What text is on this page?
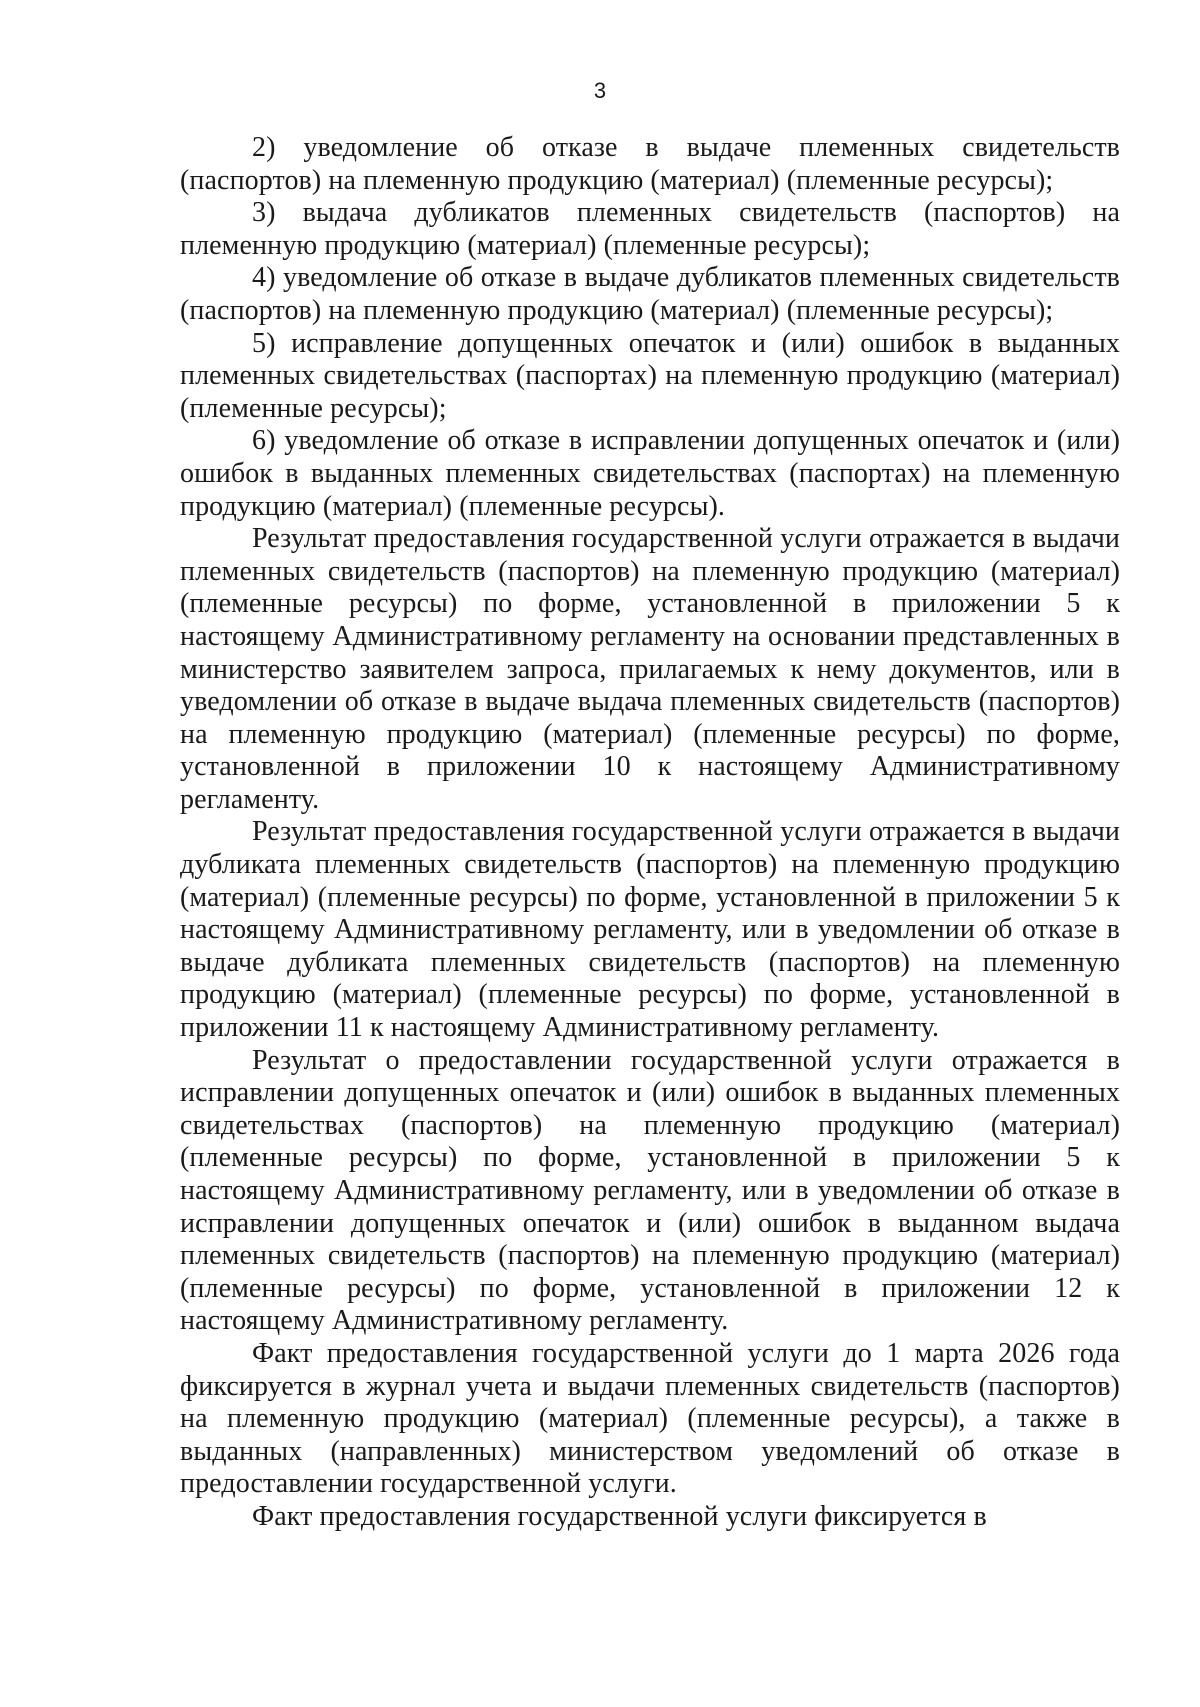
3

2) уведомление об отказе в выдаче племенных свидетельств (паспортов) на племенную продукцию (материал) (племенные ресурсы);

3) выдача дубликатов племенных свидетельств (паспортов) на племенную продукцию (материал) (племенные ресурсы);

4) уведомление об отказе в выдаче дубликатов племенных свидетельств (паспортов) на племенную продукцию (материал) (племенные ресурсы);

5) исправление допущенных опечаток и (или) ошибок в выданных племенных свидетельствах (паспортах) на племенную продукцию (материал) (племенные ресурсы);

6) уведомление об отказе в исправлении допущенных опечаток и (или) ошибок в выданных племенных свидетельствах (паспортах) на племенную продукцию (материал) (племенные ресурсы).

Результат предоставления государственной услуги отражается в выдачи племенных свидетельств (паспортов) на племенную продукцию (материал) (племенные ресурсы) по форме, установленной в приложении 5 к настоящему Административному регламенту на основании представленных в министерство заявителем запроса, прилагаемых к нему документов, или в уведомлении об отказе в выдаче выдача племенных свидетельств (паспортов) на племенную продукцию (материал) (племенные ресурсы) по форме, установленной в приложении 10 к настоящему Административному регламенту.

Результат предоставления государственной услуги отражается в выдачи дубликата племенных свидетельств (паспортов) на племенную продукцию (материал) (племенные ресурсы) по форме, установленной в приложении 5 к настоящему Административному регламенту, или в уведомлении об отказе в выдаче дубликата племенных свидетельств (паспортов) на племенную продукцию (материал) (племенные ресурсы) по форме, установленной в приложении 11 к настоящему Административному регламенту.

Результат о предоставлении государственной услуги отражается в исправлении допущенных опечаток и (или) ошибок в выданных племенных свидетельствах (паспортов) на племенную продукцию (материал) (племенные ресурсы) по форме, установленной в приложении 5 к настоящему Административному регламенту, или в уведомлении об отказе в исправлении допущенных опечаток и (или) ошибок в выданном выдача племенных свидетельств (паспортов) на племенную продукцию (материал) (племенные ресурсы) по форме, установленной в приложении 12 к настоящему Административному регламенту.

Факт предоставления государственной услуги до 1 марта 2026 года фиксируется в журнал учета и выдачи племенных свидетельств (паспортов) на племенную продукцию (материал) (племенные ресурсы), а также в выданных (направленных) министерством уведомлений об отказе в предоставлении государственной услуги.

Факт предоставления государственной услуги фиксируется в
